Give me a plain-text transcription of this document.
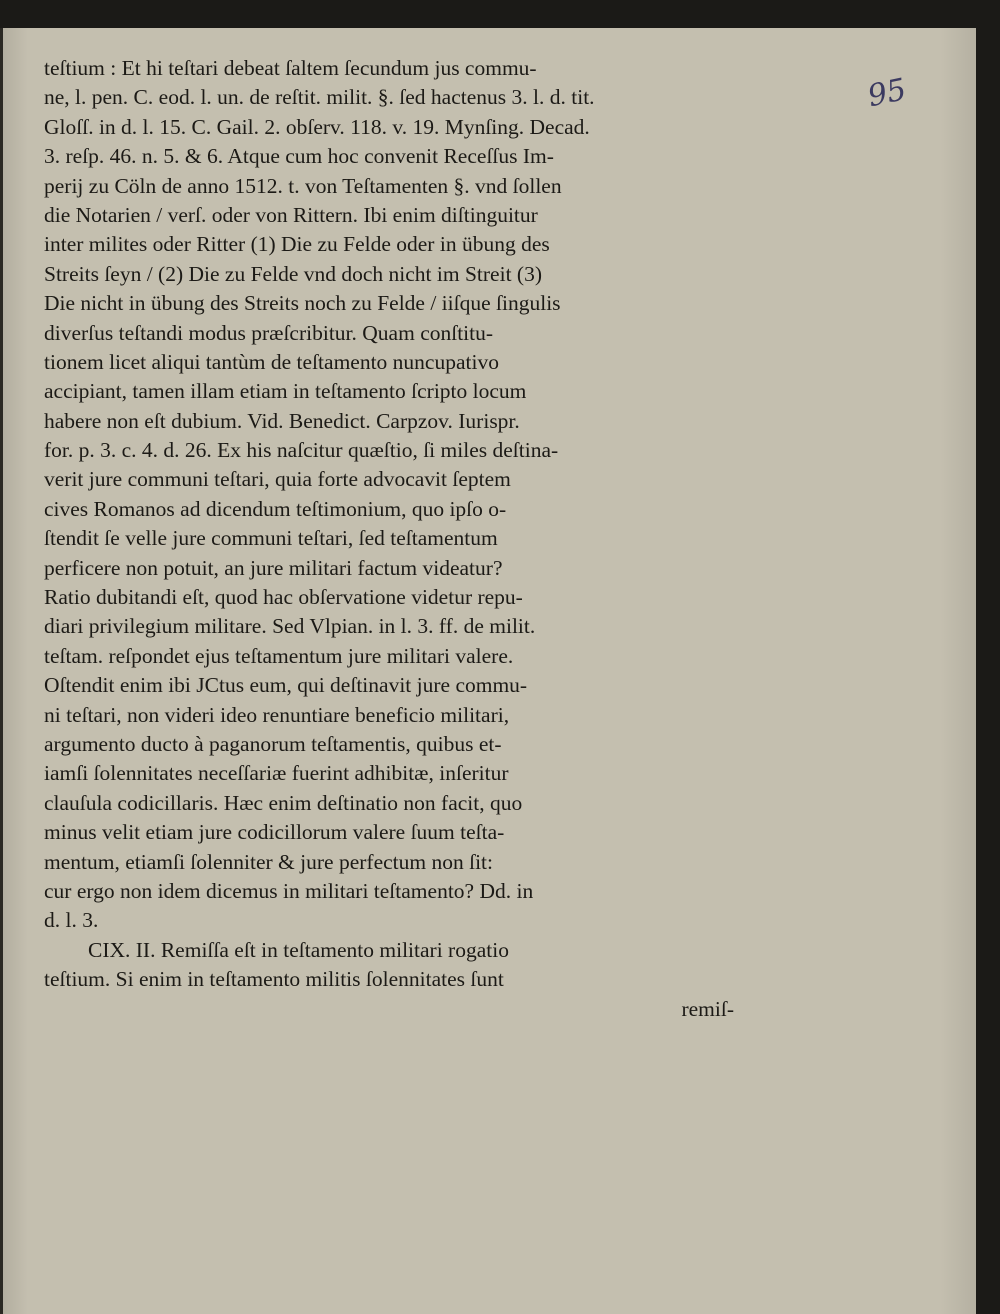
95
teſtium : Et hi teſtari debeat ſaltem ſecundum jus commu-
ne, l. pen. C. eod. l. un. de reſtit. milit. §. ſed hactenus 3. l. d. tit.
Gloſſ. in d. l. 15. C. Gail. 2. obſerv. 118. v. 19. Mynſing. Decad.
3. reſp. 46. n. 5. & 6. Atque cum hoc convenit Receſſus Im-
perij zu Cöln de anno 1512. t. von Teſtamenten §. vnd ſollen
die Notarien / verſ. oder von Rittern. Ibi enim diſtinguitur
inter milites oder Ritter (1) Die zu Felde oder in übung des
Streits ſeyn / (2) Die zu Felde vnd doch nicht im Streit (3)
Die nicht in übung des Streits noch zu Felde / iiſque ſingulis
diverſus teſtandi modus præſcribitur. Quam conſtitu-
tionem licet aliqui tantùm de teſtamento nuncupativo
accipiant, tamen illam etiam in teſtamento ſcripto locum
habere non eſt dubium. Vid. Benedict. Carpzov. Iurispr.
for. p. 3. c. 4. d. 26. Ex his naſcitur quæſtio, ſi miles deſtina-
verit jure communi teſtari, quia forte advocavit ſeptem
cives Romanos ad dicendum teſtimonium, quo ipſo o-
ſtendit ſe velle jure communi teſtari, ſed teſtamentum
perficere non potuit, an jure militari factum videatur?
Ratio dubitandi eſt, quod hac obſervatione videtur repu-
diari privilegium militare. Sed Vlpian. in l. 3. ff. de milit.
teſtam. reſpondet ejus teſtamentum jure militari valere.
Oſtendit enim ibi JCtus eum, qui deſtinavit jure commu-
ni teſtari, non videri ideo renuntiare beneficio militari,
argumento ducto à paganorum teſtamentis, quibus et-
iamſi ſolennitates neceſſariæ fuerint adhibitæ, inſeritur
clauſula codicillaris. Hæc enim deſtinatio non facit, quo
minus velit etiam jure codicillorum valere ſuum teſta-
mentum, etiamſi ſolenniter & jure perfectum non ſit:
cur ergo non idem dicemus in militari teſtamento? Dd. in
d. l. 3.
CIX. II. Remiſſa eſt in teſtamento militari rogatio
teſtium. Si enim in teſtamento militis ſolennitates ſunt
remiſ-
